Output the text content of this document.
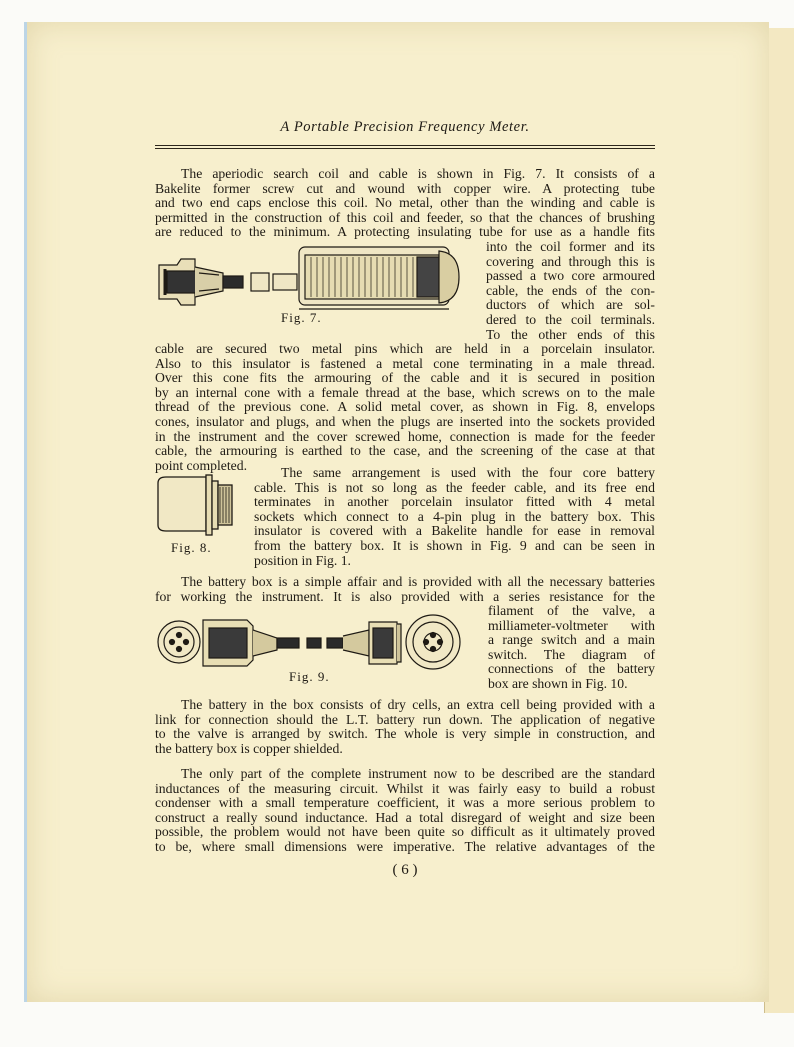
A Portable Precision Frequency Meter.

The aperiodic search coil and cable is shown in Fig. 7. It consists of a

Bakelite former screw cut and wound with copper wire. A protecting tube

and two end caps enclose this coil. No metal, other than the winding and cable is

permitted in the construction of this coil and feeder, so that the chances of brushing

are reduced to the minimum. A protecting insulating tube for use as a handle fits

into the coil former and its

covering and through this is

passed a two core armoured

cable, the ends of the con-

ductors of which are sol-

dered to the coil terminals.

To the other ends of this

Fig. 7.

cable are secured two metal pins which are held in a porcelain insulator.

Also to this insulator is fastened a metal cone terminating in a male thread.

Over this cone fits the armouring of the cable and it is secured in position

by an internal cone with a female thread at the base, which screws on to the male

thread of the previous cone. A solid metal cover, as shown in Fig. 8, envelops

cones, insulator and plugs, and when the plugs are inserted into the sockets provided

in the instrument and the cover screwed home, connection is made for the feeder

cable, the armouring is earthed to the case, and the screening of the case at that

point completed.

Fig. 8.

The same arrangement is used with the four core battery

cable. This is not so long as the feeder cable, and its free end

terminates in another porcelain insulator fitted with 4 metal

sockets which connect to a 4-pin plug in the battery box. This

insulator is covered with a Bakelite handle for ease in removal

from the battery box. It is shown in Fig. 9 and can be seen in

position in Fig. 1.

The battery box is a simple affair and is provided with all the necessary batteries

for working the instrument. It is also provided with a series resistance for the

filament of the valve, a

milliameter-voltmeter with

a range switch and a main

switch. The diagram of

connections of the battery

box are shown in Fig. 10.

Fig. 9.

The battery in the box consists of dry cells, an extra cell being provided with a

link for connection should the L.T. battery run down. The application of negative

to the valve is arranged by switch. The whole is very simple in construction, and

the battery box is copper shielded.

The only part of the complete instrument now to be described are the standard

inductances of the measuring circuit. Whilst it was fairly easy to build a robust

condenser with a small temperature coefficient, it was a more serious problem to

construct a really sound inductance. Had a total disregard of weight and size been

possible, the problem would not have been quite so difficult as it ultimately proved

to be, where small dimensions were imperative. The relative advantages of the

( 6 )
